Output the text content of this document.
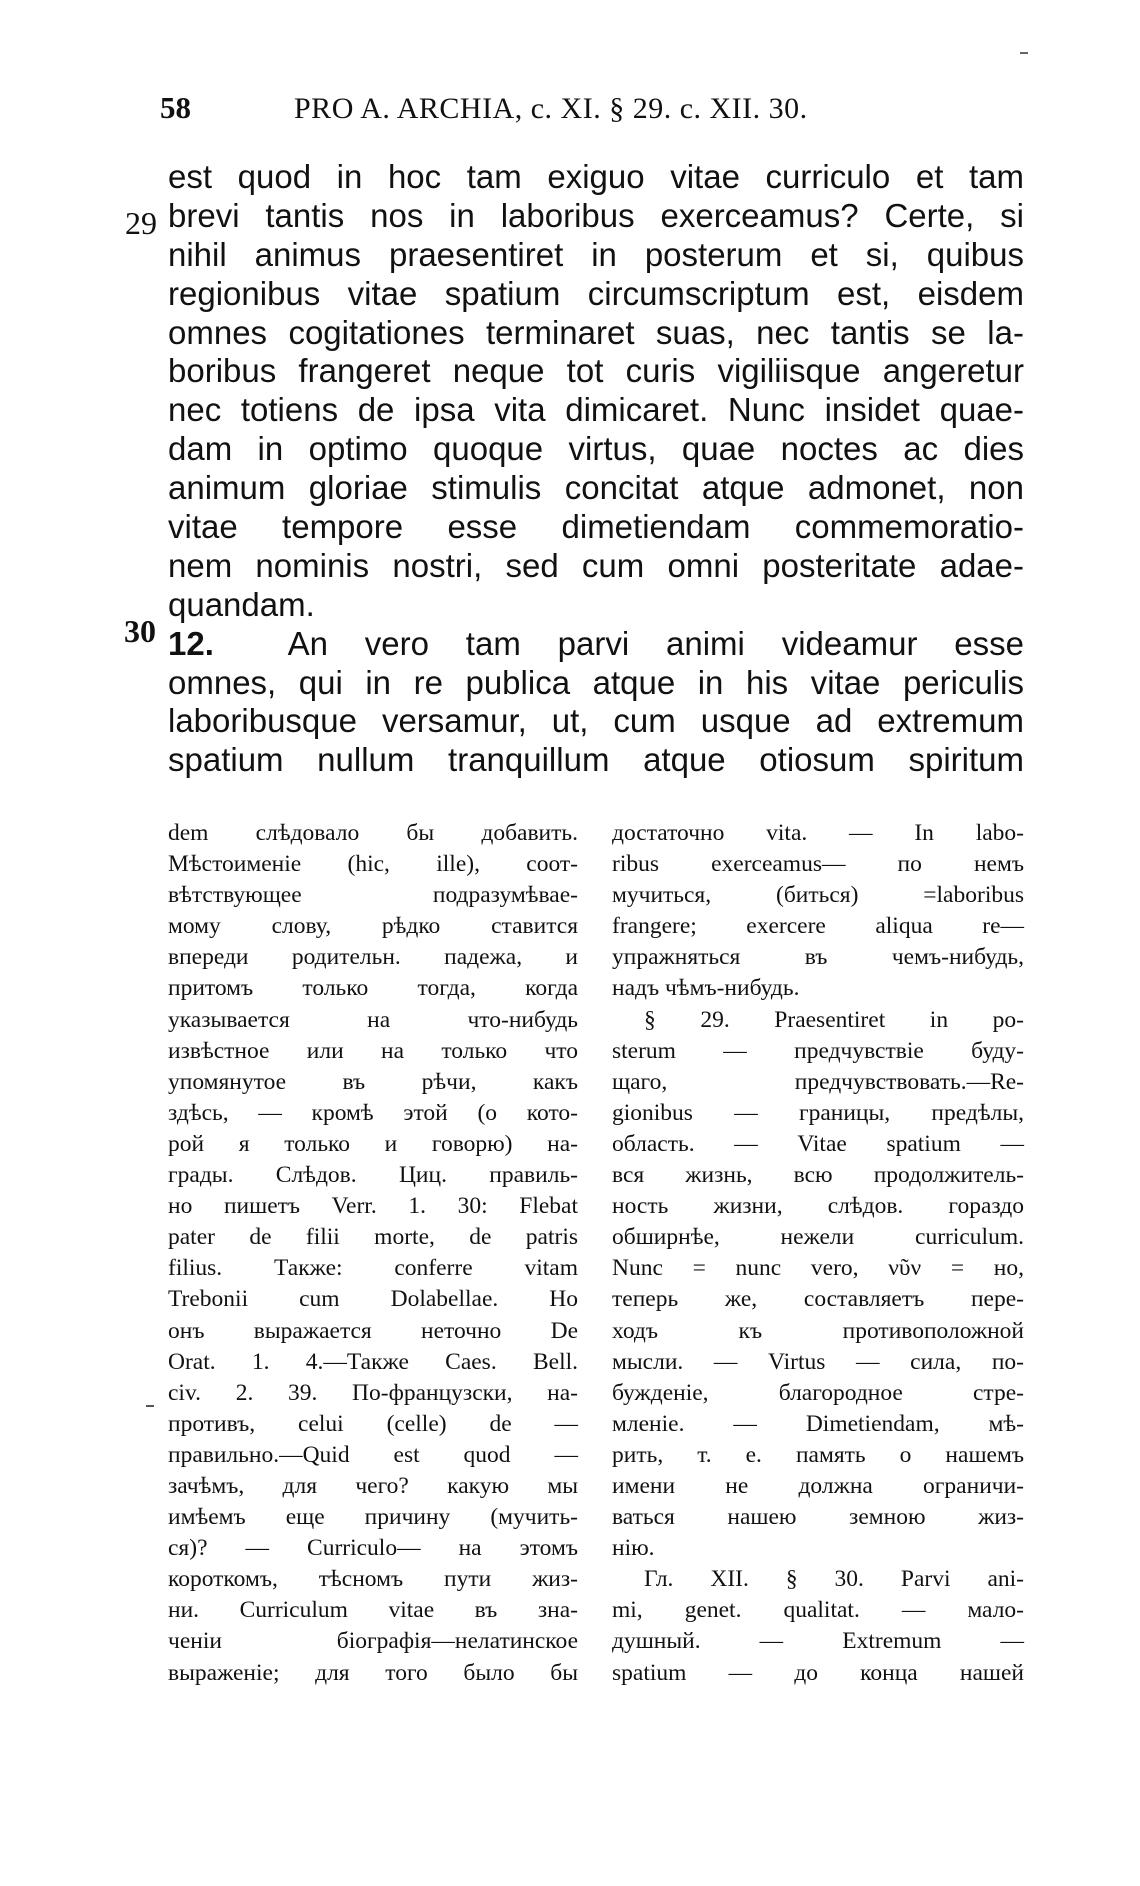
58	PRO A. ARCHIA, c. XI. § 29. c. XII. 30.
29
30
est quod in hoc tam exiguo vitae curriculo et tam
brevi tantis nos in laboribus exerceamus? Certe, si
nihil animus praesentiret in posterum et si, quibus
regionibus vitae spatium circumscriptum est, eisdem
omnes cogitationes terminaret suas, nec tantis se la-
boribus frangeret neque tot curis vigiliisque angeretur
nec totiens de ipsa vita dimicaret. Nunc insidet quae-
dam in optimo quoque virtus, quae noctes ac dies
animum gloriae stimulis concitat atque admonet, non
vitae tempore esse dimetiendam commemoratio-
nem nominis nostri, sed cum omni posteritate adae-
quandam.
12. An vero tam parvi animi videamur esse
omnes, qui in re publica atque in his vitae periculis
laboribusque versamur, ut, cum usque ad extremum
spatium nullum tranquillum atque otiosum spiritum
dem слѣдовало бы добавить.
Мѣстоименіе (hic, ille), соот-
вѣтствующее подразумѣвае-
мому слову, рѣдко ставится
впереди родительн. падежа, и
притомъ только тогда, когда
указывается на что-нибудь
извѣстное или на только что
упомянутое въ рѣчи, какъ
здѣсь, — кромѣ этой (о кото-
рой я только и говорю) на-
грады. Слѣдов. Циц. правиль-
но пишетъ Verr. 1. 30: Flebat
pater de filii morte, de patris
filius. Также: conferre vitam
Trebonii cum Dolabellae. Но
онъ выражается неточно De
Orat. 1. 4.—Также Caes. Bell.
civ. 2. 39. По-французски, на-
противъ, celui (celle) de —
правильно.—Quid est quod —
зачѣмъ, для чего? какую мы
имѣемъ еще причину (мучить-
ся)? — Curriculo— на этомъ
короткомъ, тѣсномъ пути жиз-
ни. Curriculum vitae въ зна-
ченіи біографія—нелатинское
выраженіе; для того было бы
достаточно vita. — In labo-
ribus exerceamus— по немъ
мучиться, (биться) =laboribus
frangere; exercere aliqua re—
упражняться въ чемъ-нибудь,
надъ чѣмъ-нибудь.
§ 29. Praesentiret in po-
sterum — предчувствіе буду-
щаго, предчувствовать.—Re-
gionibus — границы, предѣлы,
область. — Vitae spatium —
вся жизнь, всю продолжитель-
ность жизни, слѣдов. гораздо
обширнѣе, нежели curriculum.
Nunc = nunc vero, νῦν = но,
теперь же, составляетъ пере-
ходъ къ противоположной
мысли. — Virtus — сила, по-
бужденіе, благородное стре-
мленіе. — Dimetiendam, мѣ-
рить, т. е. память о нашемъ
имени не должна ограничи-
ваться нашею земною жиз-
нію.
Гл. XII. § 30. Parvi ani-
mi, genet. qualitat. — мало-
душный. — Extremum —
spatium — до конца нашей
